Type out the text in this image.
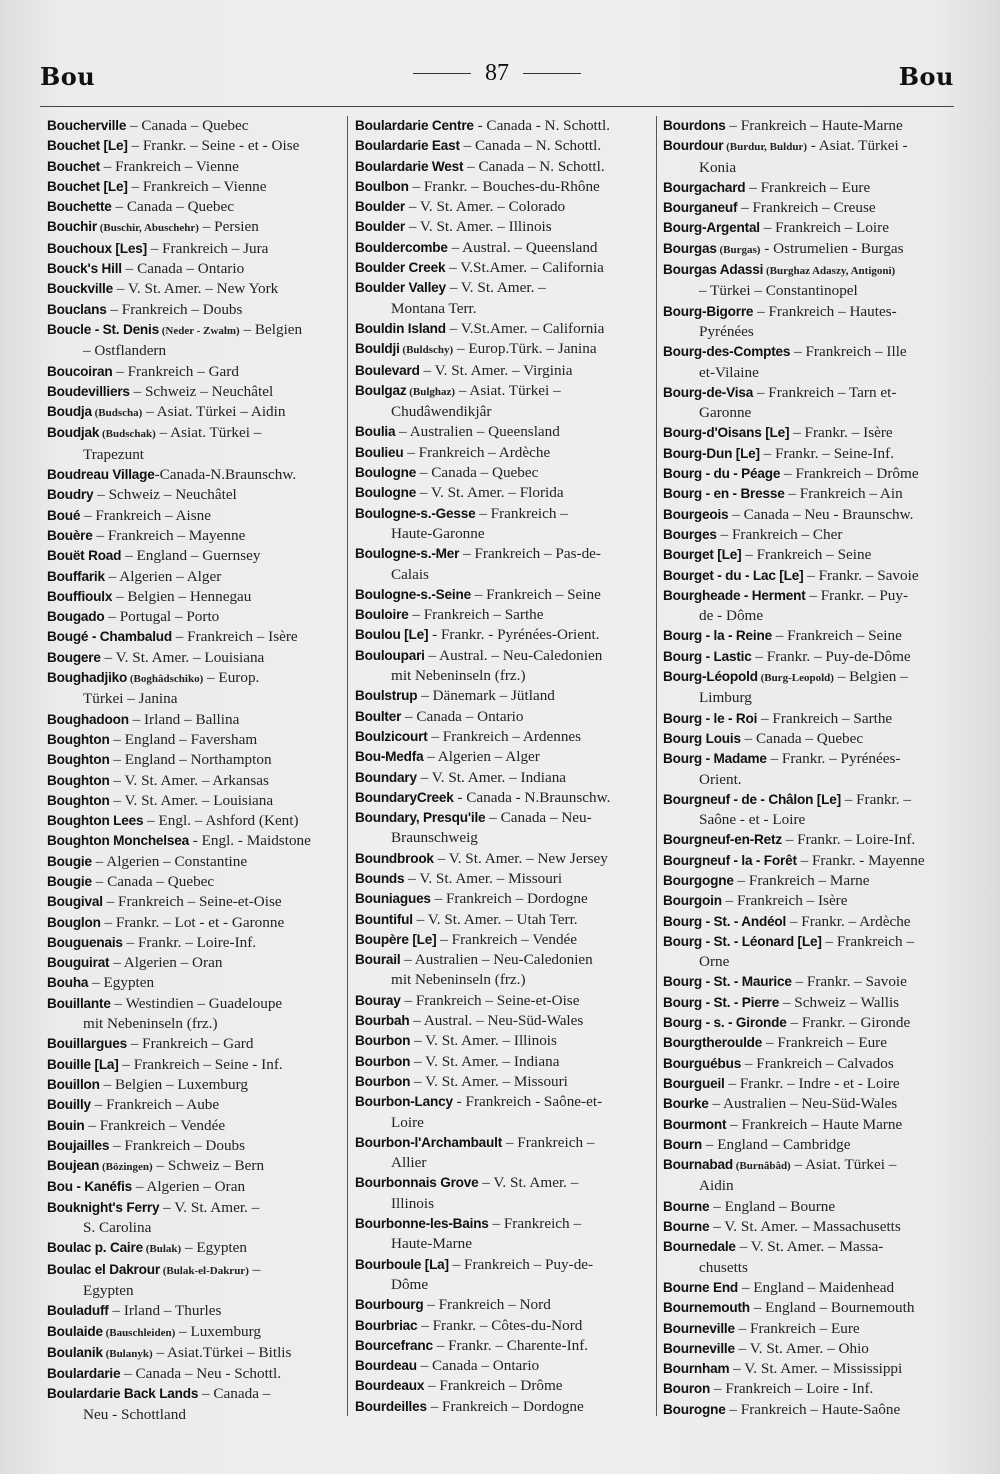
Bou	87	Bou
Boucherville – Canada – Quebec
Bouchet [Le] – Frankr. – Seine - et - Oise
Bouchet – Frankreich – Vienne
Bouchet [Le] – Frankreich – Vienne
Bouchette – Canada – Quebec
Bouchir (Buschir, Abuschehr) – Persien
Bouchoux [Les] – Frankreich – Jura
Bouck's Hill – Canada – Ontario
Bouckville – V. St. Amer. – New York
Bouclans – Frankreich – Doubs
Boucle - St. Denis (Neder - Zwalm) – Belgien
– Ostflandern
Boucoiran – Frankreich – Gard
Boudevilliers – Schweiz – Neuchâtel
Boudja (Budscha) – Asiat. Türkei – Aidin
Boudjak (Budschak) – Asiat. Türkei –
Trapezunt
Boudreau Village-Canada-N.Braunschw.
Boudry – Schweiz – Neuchâtel
Boué – Frankreich – Aisne
Bouère – Frankreich – Mayenne
Bouët Road – England – Guernsey
Bouffarik – Algerien – Alger
Bouffioulx – Belgien – Hennegau
Bougado – Portugal – Porto
Bougé - Chambalud – Frankreich – Isère
Bougere – V. St. Amer. – Louisiana
Boughadjiko (Boghâdschiko) – Europ.
Türkei – Janina
Boughadoon – Irland – Ballina
Boughton – England – Faversham
Boughton – England – Northampton
Boughton – V. St. Amer. – Arkansas
Boughton – V. St. Amer. – Louisiana
Boughton Lees – Engl. – Ashford (Kent)
Boughton Monchelsea - Engl. - Maidstone
Bougie – Algerien – Constantine
Bougie – Canada – Quebec
Bougival – Frankreich – Seine-et-Oise
Bouglon – Frankr. – Lot - et - Garonne
Bouguenais – Frankr. – Loire-Inf.
Bouguirat – Algerien – Oran
Bouha – Egypten
Bouillante – Westindien – Guadeloupe
mit Nebeninseln (frz.)
Bouillargues – Frankreich – Gard
Bouille [La] – Frankreich – Seine - Inf.
Bouillon – Belgien – Luxemburg
Bouilly – Frankreich – Aube
Bouin – Frankreich – Vendée
Boujailles – Frankreich – Doubs
Boujean (Bözingen) – Schweiz – Bern
Bou - Kanéfis – Algerien – Oran
Bouknight's Ferry – V. St. Amer. –
S. Carolina
Boulac p. Caire (Bulak) – Egypten
Boulac el Dakrour (Bulak-el-Dakrur) –
Egypten
Bouladuff – Irland – Thurles
Boulaide (Bauschleiden) – Luxemburg
Boulanik (Bulanyk) – Asiat.Türkei – Bitlis
Boulardarie – Canada – Neu - Schottl.
Boulardarie Back Lands – Canada –
Neu - Schottland
Boulardarie Centre - Canada - N. Schottl.
Boulardarie East – Canada – N. Schottl.
Boulardarie West – Canada – N. Schottl.
Boulbon – Frankr. – Bouches-du-Rhône
Boulder – V. St. Amer. – Colorado
Boulder – V. St. Amer. – Illinois
Bouldercombe – Austral. – Queensland
Boulder Creek – V.St.Amer. – California
Boulder Valley – V. St. Amer. –
Montana Terr.
Bouldin Island – V.St.Amer. – California
Bouldji (Buldschy) – Europ.Türk. – Janina
Boulevard – V. St. Amer. – Virginia
Boulgaz (Bulghaz) – Asiat. Türkei –
Chudâwendikjâr
Boulia – Australien – Queensland
Boulieu – Frankreich – Ardèche
Boulogne – Canada – Quebec
Boulogne – V. St. Amer. – Florida
Boulogne-s.-Gesse – Frankreich –
Haute-Garonne
Boulogne-s.-Mer – Frankreich – Pas-de-
Calais
Boulogne-s.-Seine – Frankreich – Seine
Bouloire – Frankreich – Sarthe
Boulou [Le] - Frankr. - Pyrénées-Orient.
Bouloupari – Austral. – Neu-Caledonien
mit Nebeninseln (frz.)
Boulstrup – Dänemark – Jütland
Boulter – Canada – Ontario
Boulzicourt – Frankreich – Ardennes
Bou-Medfa – Algerien – Alger
Boundary – V. St. Amer. – Indiana
BoundaryCreek - Canada - N.Braunschw.
Boundary, Presqu'ile – Canada – Neu-
Braunschweig
Boundbrook – V. St. Amer. – New Jersey
Bounds – V. St. Amer. – Missouri
Bouniagues – Frankreich – Dordogne
Bountiful – V. St. Amer. – Utah Terr.
Boupère [Le] – Frankreich – Vendée
Bourail – Australien – Neu-Caledonien
mit Nebeninseln (frz.)
Bouray – Frankreich – Seine-et-Oise
Bourbah – Austral. – Neu-Süd-Wales
Bourbon – V. St. Amer. – Illinois
Bourbon – V. St. Amer. – Indiana
Bourbon – V. St. Amer. – Missouri
Bourbon-Lancy - Frankreich - Saône-et-
Loire
Bourbon-l'Archambault – Frankreich –
Allier
Bourbonnais Grove – V. St. Amer. –
Illinois
Bourbonne-les-Bains – Frankreich –
Haute-Marne
Bourboule [La] – Frankreich – Puy-de-
Dôme
Bourbourg – Frankreich – Nord
Bourbriac – Frankr. – Côtes-du-Nord
Bourcefranc – Frankr. – Charente-Inf.
Bourdeau – Canada – Ontario
Bourdeaux – Frankreich – Drôme
Bourdeilles – Frankreich – Dordogne
Bourdons – Frankreich – Haute-Marne
Bourdour (Burdur, Buldur) - Asiat. Türkei -
Konia
Bourgachard – Frankreich – Eure
Bourganeuf – Frankreich – Creuse
Bourg-Argental – Frankreich – Loire
Bourgas (Burgas) - Ostrumelien - Burgas
Bourgas Adassi (Burghaz Adaszy, Antigoni)
– Türkei – Constantinopel
Bourg-Bigorre – Frankreich – Hautes-
Pyrénées
Bourg-des-Comptes – Frankreich – Ille
et-Vilaine
Bourg-de-Visa – Frankreich – Tarn et-
Garonne
Bourg-d'Oisans [Le] – Frankr. – Isère
Bourg-Dun [Le] – Frankr. – Seine-Inf.
Bourg - du - Péage – Frankreich – Drôme
Bourg - en - Bresse – Frankreich – Ain
Bourgeois – Canada – Neu - Braunschw.
Bourges – Frankreich – Cher
Bourget [Le] – Frankreich – Seine
Bourget - du - Lac [Le] – Frankr. – Savoie
Bourgheade - Herment – Frankr. – Puy-
de - Dôme
Bourg - la - Reine – Frankreich – Seine
Bourg - Lastic – Frankr. – Puy-de-Dôme
Bourg-Léopold (Burg-Leopold) – Belgien –
Limburg
Bourg - le - Roi – Frankreich – Sarthe
Bourg Louis – Canada – Quebec
Bourg - Madame – Frankr. – Pyrénées-
Orient.
Bourgneuf - de - Châlon [Le] – Frankr. –
Saône - et - Loire
Bourgneuf-en-Retz – Frankr. – Loire-Inf.
Bourgneuf - la - Forêt – Frankr. - Mayenne
Bourgogne – Frankreich – Marne
Bourgoin – Frankreich – Isère
Bourg - St. - Andéol – Frankr. – Ardèche
Bourg - St. - Léonard [Le] – Frankreich –
Orne
Bourg - St. - Maurice – Frankr. – Savoie
Bourg - St. - Pierre – Schweiz – Wallis
Bourg - s. - Gironde – Frankr. – Gironde
Bourgtheroulde – Frankreich – Eure
Bourguébus – Frankreich – Calvados
Bourgueil – Frankr. – Indre - et - Loire
Bourke – Australien – Neu-Süd-Wales
Bourmont – Frankreich – Haute Marne
Bourn – England – Cambridge
Bournabad (Burnâbâd) – Asiat. Türkei –
Aidin
Bourne – England – Bourne
Bourne – V. St. Amer. – Massachusetts
Bournedale – V. St. Amer. – Massa-
chusetts
Bourne End – England – Maidenhead
Bournemouth – England – Bournemouth
Bourneville – Frankreich – Eure
Bourneville – V. St. Amer. – Ohio
Bournham – V. St. Amer. – Mississippi
Bouron – Frankreich – Loire - Inf.
Bourogne – Frankreich – Haute-Saône
